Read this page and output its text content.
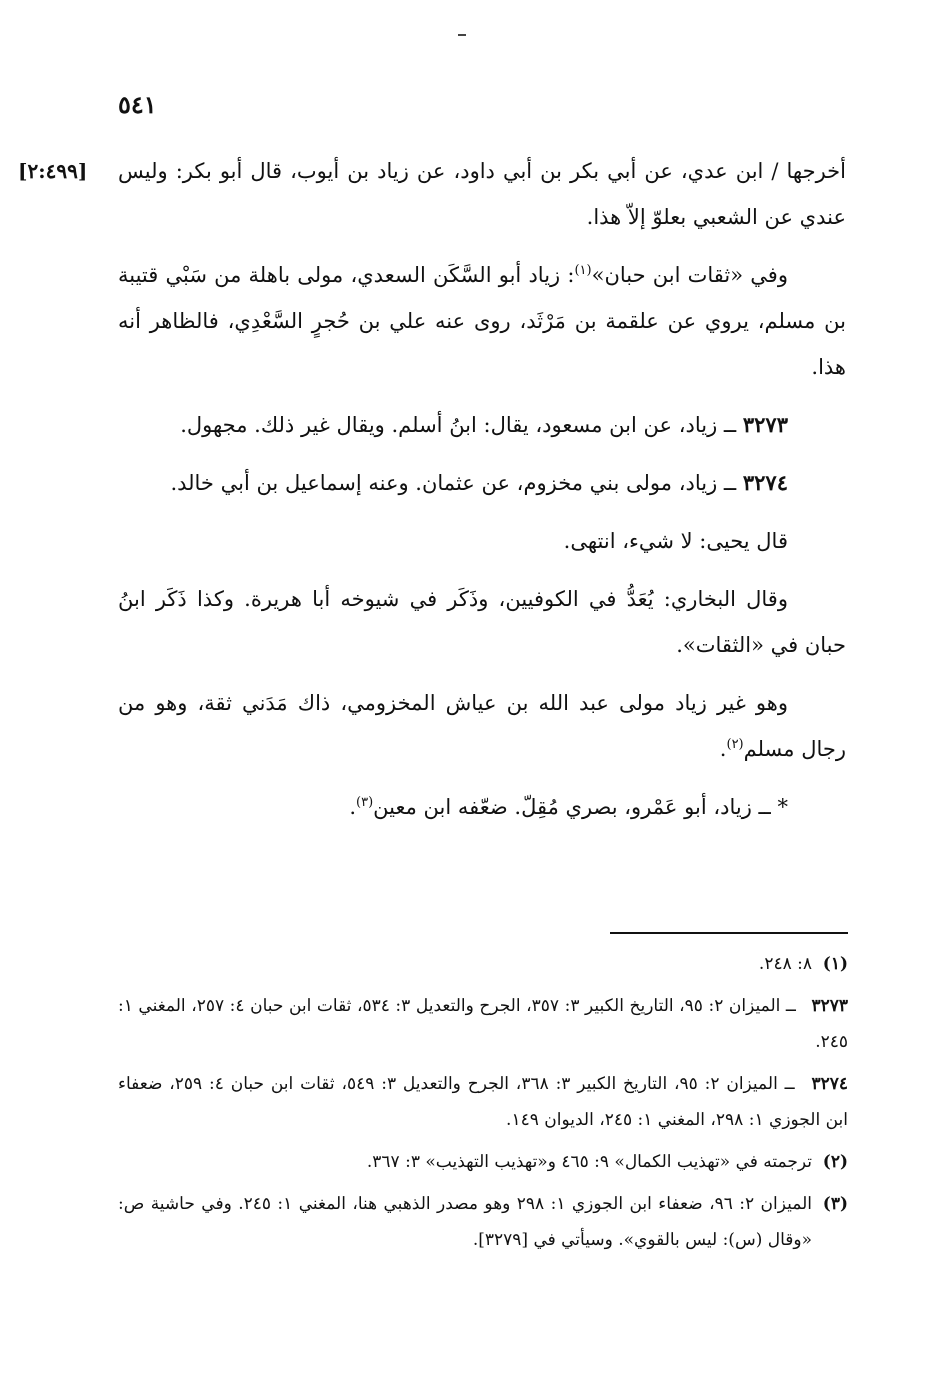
٥٤١

[٢:٤٩٩] أخرجها / ابن عدي، عن أبي بكر بن أبي داود، عن زياد بن أيوب، قال أبو بكر: وليس عندي عن الشعبي بعلوّ إلاّ هذا.

وفي «ثقات ابن حبان»$^{(١)}$: زياد أبو السَّكَن السعدي، مولى باهلة من سَبْي قتيبة بن مسلم، يروي عن علقمة بن مَرْثَد، روى عنه علي بن حُجرٍ السَّعْدِي، فالظاهر أنه هذا.

٣٢٧٣ ــ زياد، عن ابن مسعود، يقال: ابنُ أسلم. ويقال غير ذلك. مجهول.

٣٢٧٤ ــ زياد، مولى بني مخزوم، عن عثمان. وعنه إسماعيل بن أبي خالد.

قال يحيى: لا شيء، انتهى.

وقال البخاري: يُعَدُّ في الكوفيين، وذَكَر في شيوخه أبا هريرة. وكذا ذَكَر ابنُ حبان في «الثقات».

وهو غير زياد مولى عبد الله بن عياش المخزومي، ذاك مَدَني ثقة، وهو من رجال مسلم$^{(٢)}$.

* ــ زياد، أبو عَمْرو، بصري مُقِلّ. ضعّفه ابن معين$^{(٣)}$.

(١)
٨: ٢٤٨.

٣٢٧٣ ــ الميزان ٢: ٩٥، التاريخ الكبير ٣: ٣٥٧، الجرح والتعديل ٣: ٥٣٤، ثقات ابن حبان ٤: ٢٥٧، المغني ١: ٢٤٥.

٣٢٧٤ ــ الميزان ٢: ٩٥، التاريخ الكبير ٣: ٣٦٨، الجرح والتعديل ٣: ٥٤٩، ثقات ابن حبان ٤: ٢٥٩، ضعفاء ابن الجوزي ١: ٢٩٨، المغني ١: ٢٤٥، الديوان ١٤٩.

(٢)
ترجمته في «تهذيب الكمال» ٩: ٤٦٥ و«تهذيب التهذيب» ٣: ٣٦٧.

(٣)
الميزان ٢: ٩٦، ضعفاء ابن الجوزي ١: ٢٩٨ وهو مصدر الذهبي هنا، المغني ١: ٢٤٥. وفي حاشية ص: «وقال (س): ليس بالقوي». وسيأتي في [٣٢٧٩].
